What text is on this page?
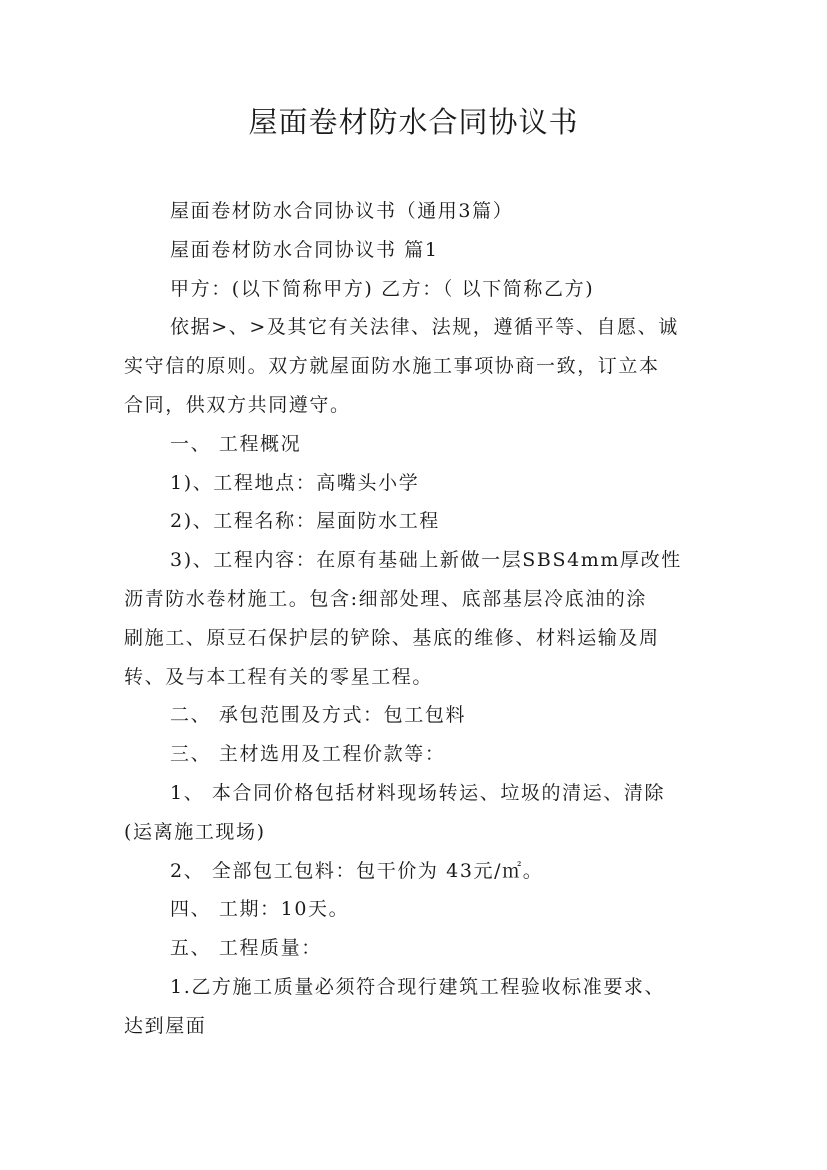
屋面卷材防水合同协议书
屋面卷材防水合同协议书（通用3篇）
屋面卷材防水合同协议书 篇1
甲方：(以下简称甲方) 乙方：（ 以下简称乙方)
依据>、>及其它有关法律、法规，遵循平等、自愿、诚
实守信的原则。双方就屋面防水施工事项协商一致，订立本
合同，供双方共同遵守。
一、 工程概况
1)、工程地点：高嘴头小学
2)、工程名称：屋面防水工程
3)、工程内容：在原有基础上新做一层SBS4mm厚改性
沥青防水卷材施工。包含:细部处理、底部基层冷底油的涂
刷施工、原豆石保护层的铲除、基底的维修、材料运输及周
转、及与本工程有关的零星工程。
二、 承包范围及方式：包工包料
三、 主材选用及工程价款等：
1、 本合同价格包括材料现场转运、垃圾的清运、清除
(运离施工现场)
2、 全部包工包料：包干价为 43元/㎡。
四、 工期：10天。
五、 工程质量：
1.乙方施工质量必须符合现行建筑工程验收标准要求、
达到屋面
